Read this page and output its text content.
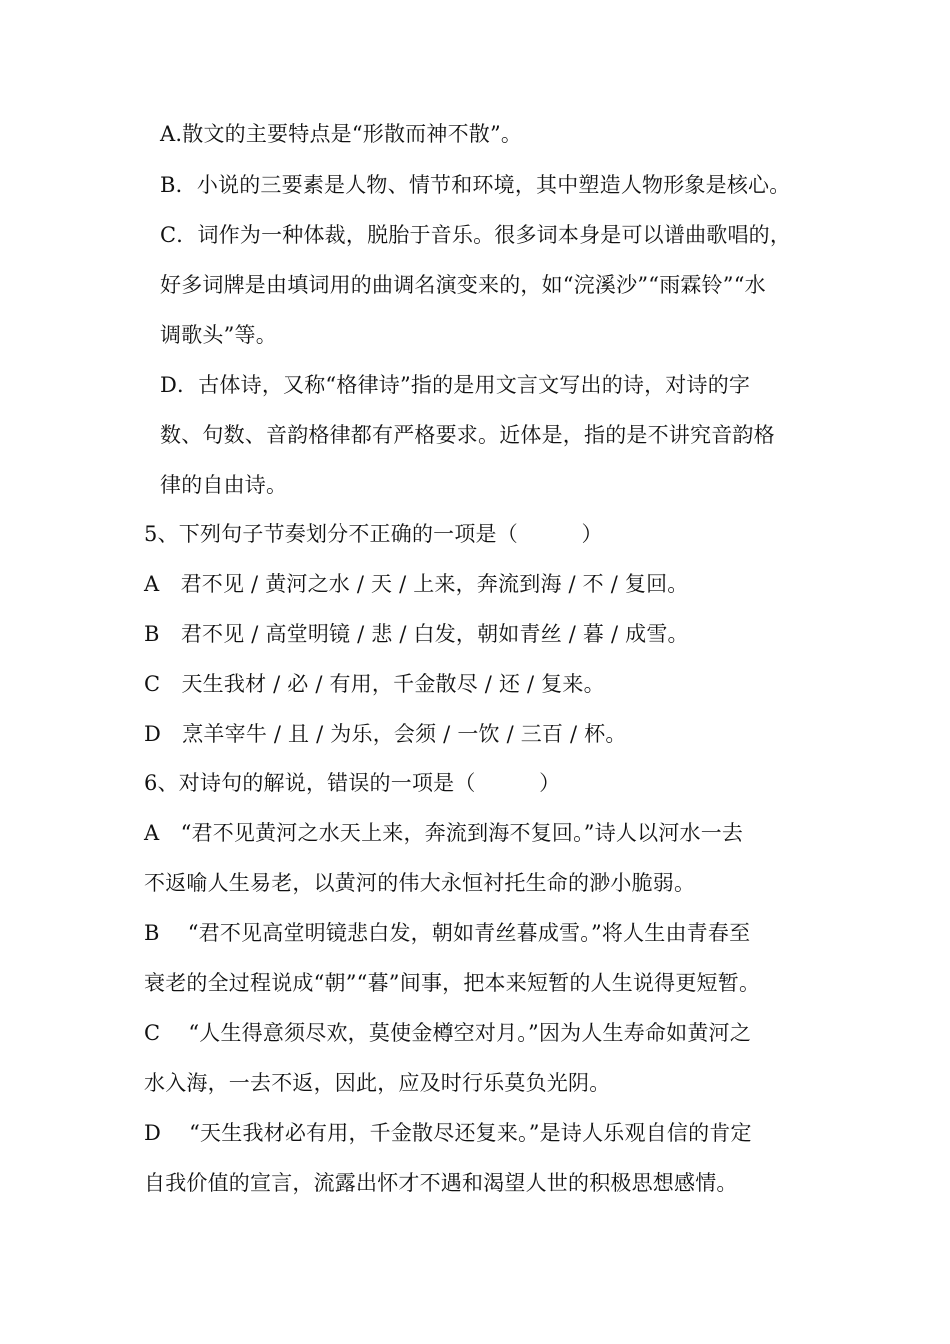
A.散文的主要特点是“形散而神不散”。
B．小说的三要素是人物、情节和环境，其中塑造人物形象是核心。
C．词作为一种体裁，脱胎于音乐。很多词本身是可以谱曲歌唱的，
好多词牌是由填词用的曲调名演变来的，如“浣溪沙”“雨霖铃”“水
调歌头”等。
D．古体诗，又称“格律诗”指的是用文言文写出的诗，对诗的字
数、句数、音韵格律都有严格要求。近体是，指的是不讲究音韵格
律的自由诗。
5、下列句子节奏划分不正确的一项是（　　　）
A　君不见 / 黄河之水 / 天 / 上来，奔流到海 / 不 / 复回。
B　君不见 / 高堂明镜 / 悲 / 白发，朝如青丝 / 暮 / 成雪。
C　天生我材 / 必 / 有用，千金散尽 / 还 / 复来。
D　烹羊宰牛 / 且 / 为乐，会须 / 一饮 / 三百 / 杯。
6、对诗句的解说，错误的一项是（　　　）
A　“君不见黄河之水天上来，奔流到海不复回。”诗人以河水一去
不返喻人生易老，以黄河的伟大永恒衬托生命的渺小脆弱。
B　 “君不见高堂明镜悲白发，朝如青丝暮成雪。”将人生由青春至
衰老的全过程说成“朝”“暮”间事，把本来短暂的人生说得更短暂。
C　 “人生得意须尽欢，莫使金樽空对月。”因为人生寿命如黄河之
水入海，一去不返，因此，应及时行乐莫负光阴。
D　 “天生我材必有用，千金散尽还复来。”是诗人乐观自信的肯定
自我价值的宣言，流露出怀才不遇和渴望人世的积极思想感情。
